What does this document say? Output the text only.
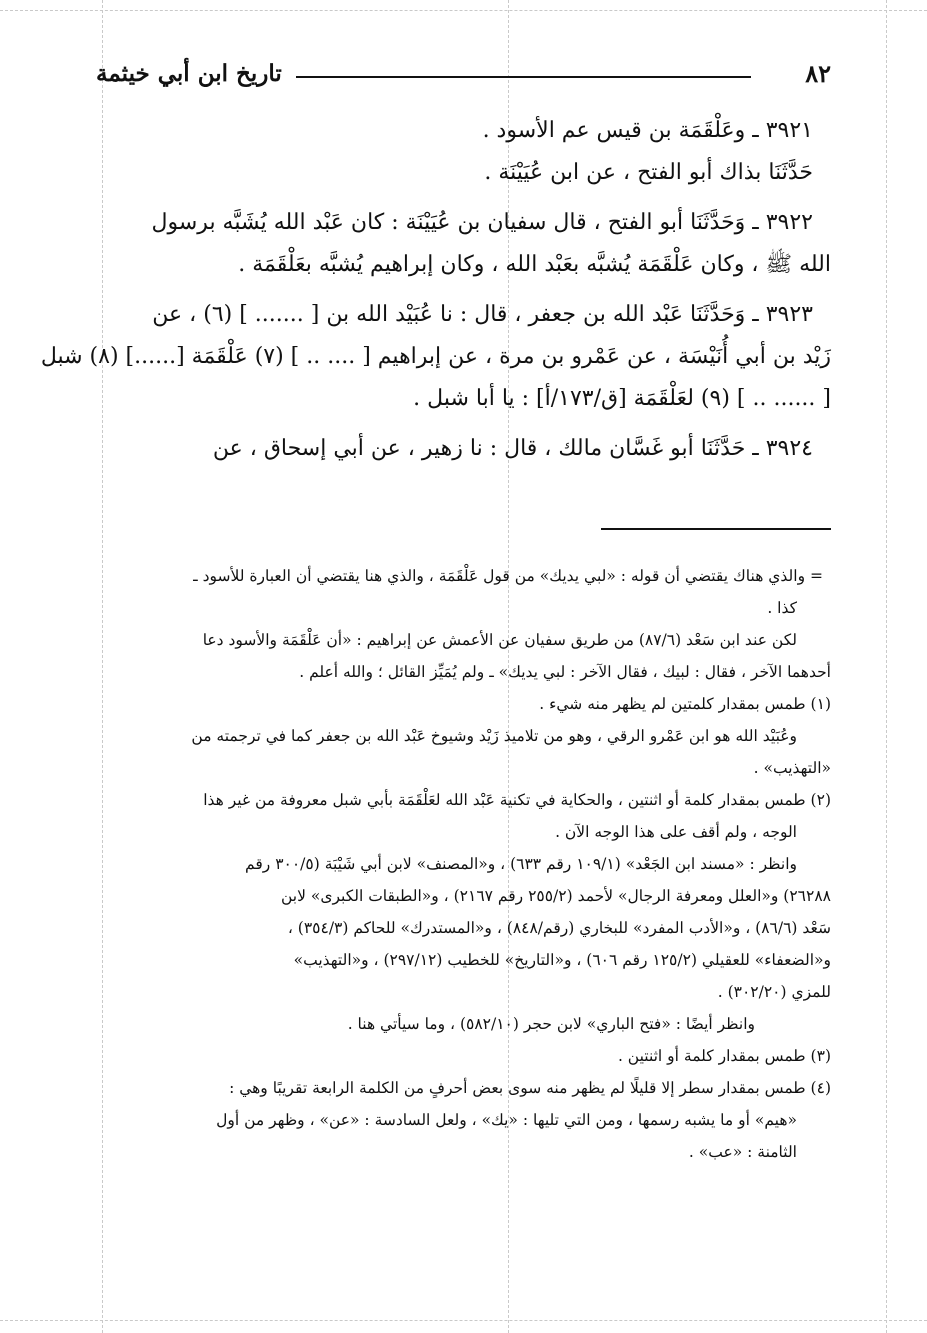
٨٢
تاريخ ابن أبي خيثمة

٣٩٢١ ـ وعَلْقَمَة بن قيس عم الأسود .

حَدَّثَنَا بذاك أبو الفتح ، عن ابن عُيَيْنَة .

٣٩٢٢ ـ وَحَدَّثَنَا أبو الفتح ، قال سفيان بن عُيَيْنَة : كان عَبْد الله يُشَبَّه برسول

الله ﷺ ، وكان عَلْقَمَة يُشبَّه بعَبْد الله ، وكان إبراهيم يُشبَّه بعَلْقَمَة .

٣٩٢٣ ـ وَحَدَّثَنَا عَبْد الله بن جعفر ، قال : نا عُبَيْد الله بن [ ....... ] (٦) ، عن

زَيْد بن أبي أُنَيْسَة ، عن عَمْرو بن مرة ، عن إبراهيم [ .... .. ] (٧) عَلْقَمَة [......] (٨) شبل

[ ...... .. ] (٩) لعَلْقَمَة [ق/١٧٣/أ] : يا أبا شبل .

٣٩٢٤ ـ حَدَّثَنَا أبو غَسَّان مالك ، قال : نا زهير ، عن أبي إسحاق ، عن

= والذي هناك يقتضي أن قوله : «لبي يديك» من قول عَلْقَمَة ، والذي هنا يقتضي أن العبارة للأسود ـ

كذا .

لكن عند ابن سَعْد (٨٧/٦) من طريق سفيان عن الأعمش عن إبراهيم : «أن عَلْقَمَة والأسود دعا

أحدهما الآخر ، فقال : لبيك ، فقال الآخر : لبي يديك» ـ ولم يُمَيِّز القائل ؛ والله أعلم .

(١) طمس بمقدار كلمتين لم يظهر منه شيء .

وعُبَيْد الله هو ابن عَمْرو الرقي ، وهو من تلاميذ زَيْد وشيوخ عَبْد الله بن جعفر كما في ترجمته من

«التهذيب» .

(٢) طمس بمقدار كلمة أو اثنتين ، والحكاية في تكنية عَبْد الله لعَلْقَمَة بأبي شبل معروفة من غير هذا

الوجه ، ولم أقف على هذا الوجه الآن .

وانظر : «مسند ابن الجَعْد» (١٠٩/١ رقم ٦٣٣) ، و«المصنف» لابن أبي شَيْبَة (٣٠٠/٥ رقم

٢٦٢٨٨) و«العلل ومعرفة الرجال» لأحمد (٢٥٥/٢ رقم ٢١٦٧) ، و«الطبقات الكبرى» لابن

سَعْد (٨٦/٦) ، و«الأدب المفرد» للبخاري (رقم/٨٤٨) ، و«المستدرك» للحاكم (٣٥٤/٣) ،

و«الضعفاء» للعقيلي (١٢٥/٢ رقم ٦٠٦) ، و«التاريخ» للخطيب (٢٩٧/١٢) ، و«التهذيب»

للمزي (٣٠٢/٢٠) .

وانظر أيضًا : «فتح الباري» لابن حجر (٥٨٢/١٠) ، وما سيأتي هنا .

(٣) طمس بمقدار كلمة أو اثنتين .

(٤) طمس بمقدار سطر إلا قليلًا لم يظهر منه سوى بعض أحرفٍ من الكلمة الرابعة تقريبًا وهي :

«هيم» أو ما يشبه رسمها ، ومن التي تليها : «يك» ، ولعل السادسة : «عن» ، وظهر من أول

الثامنة : «عب» .
